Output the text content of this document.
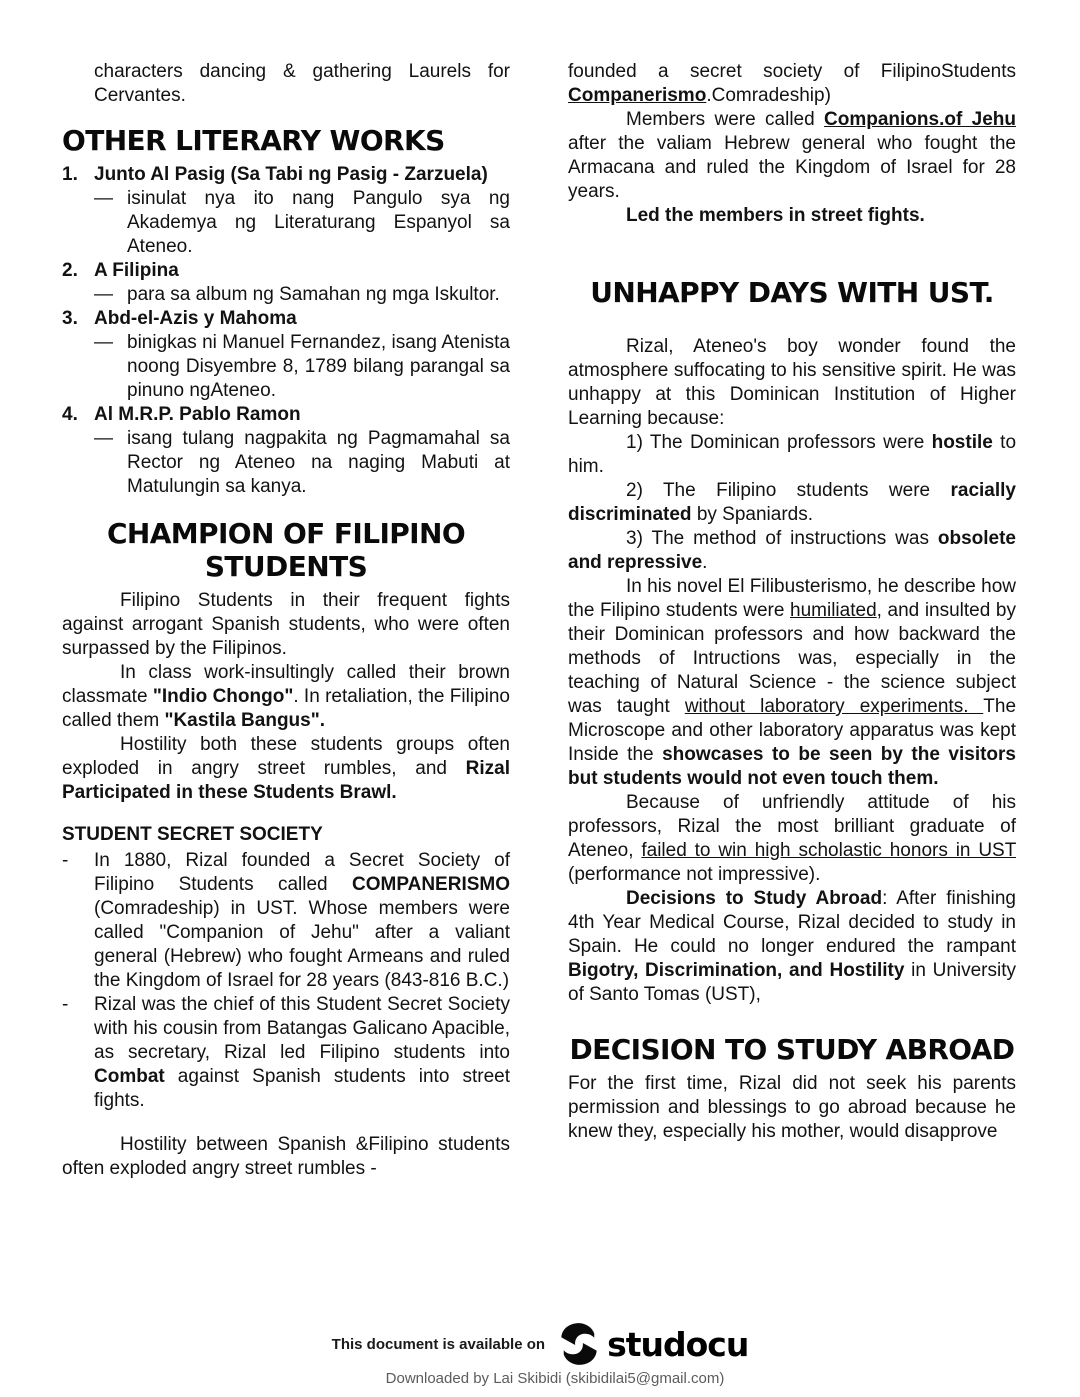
characters dancing & gathering Laurels for Cervantes.
OTHER LITERARY WORKS
1. Junto Al Pasig (Sa Tabi ng Pasig - Zarzuela)
— isinulat nya ito nang Pangulo sya ng Akademya ng Literaturang Espanyol sa Ateneo.
2. A Filipina
— para sa album ng Samahan ng mga Iskultor.
3. Abd-el-Azis y Mahoma
— binigkas ni Manuel Fernandez, isang Atenista noong Disyembre 8, 1789 bilang parangal sa pinuno ngAteneo.
4. Al M.R.P. Pablo Ramon
— isang tulang nagpakita ng Pagmamahal sa Rector ng Ateneo na naging Mabuti at Matulungin sa kanya.
CHAMPION OF FILIPINO STUDENTS
Filipino Students in their frequent fights against arrogant Spanish students, who were often surpassed by the Filipinos.
In class work-insultingly called their brown classmate "Indio Chongo". In retaliation, the Filipino called them "Kastila Bangus".
Hostility both these students groups often exploded in angry street rumbles, and Rizal Participated in these Students Brawl.
STUDENT SECRET SOCIETY
-	In 1880, Rizal founded a Secret Society of Filipino Students called COMPANERISMO (Comradeship) in UST. Whose members were called "Companion of Jehu" after a valiant general (Hebrew) who fought Armeans and ruled the Kingdom of Israel for 28 years (843-816 B.C.)
-	Rizal was the chief of this Student Secret Society with his cousin from Batangas Galicano Apacible, as secretary, Rizal led Filipino students into Combat against Spanish students into street fights.
Hostility between Spanish &Filipino students often exploded angry street rumbles -
founded a secret society of FilipinoStudents Companerismo.Comradeship)
Members were called Companions.of Jehu after the valiam Hebrew general who fought the Armacana and ruled the Kingdom of Israel for 28 years.
Led the members in street fights.
UNHAPPY DAYS WITH UST.
Rizal, Ateneo's boy wonder found the atmosphere suffocating to his sensitive spirit. He was unhappy at this Dominican Institution of Higher Learning because:
1) The Dominican professors were hostile to him.
2) The Filipino students were racially discriminated by Spaniards.
3) The method of instructions was obsolete and repressive.
In his novel El Filibusterismo, he describe how the Filipino students were humiliated, and insulted by their Dominican professors and how backward the methods of Intructions was, especially in the teaching of Natural Science - the science subject was taught without laboratory experiments. The Microscope and other laboratory apparatus was kept Inside the showcases to be seen by the visitors but students would not even touch them.
Because of unfriendly attitude of his professors, Rizal the most brilliant graduate of Ateneo, failed to win high scholastic honors in UST (performance not impressive).
Decisions to Study Abroad: After finishing 4th Year Medical Course, Rizal decided to study in Spain. He could no longer endured the rampant Bigotry, Discrimination, and Hostility in University of Santo Tomas (UST),
DECISION TO STUDY ABROAD
For the first time, Rizal did not seek his parents permission and blessings to go abroad because he knew they, especially his mother, would disapprove
This document is available on studocu
Downloaded by Lai Skibidi (skibidilai5@gmail.com)
